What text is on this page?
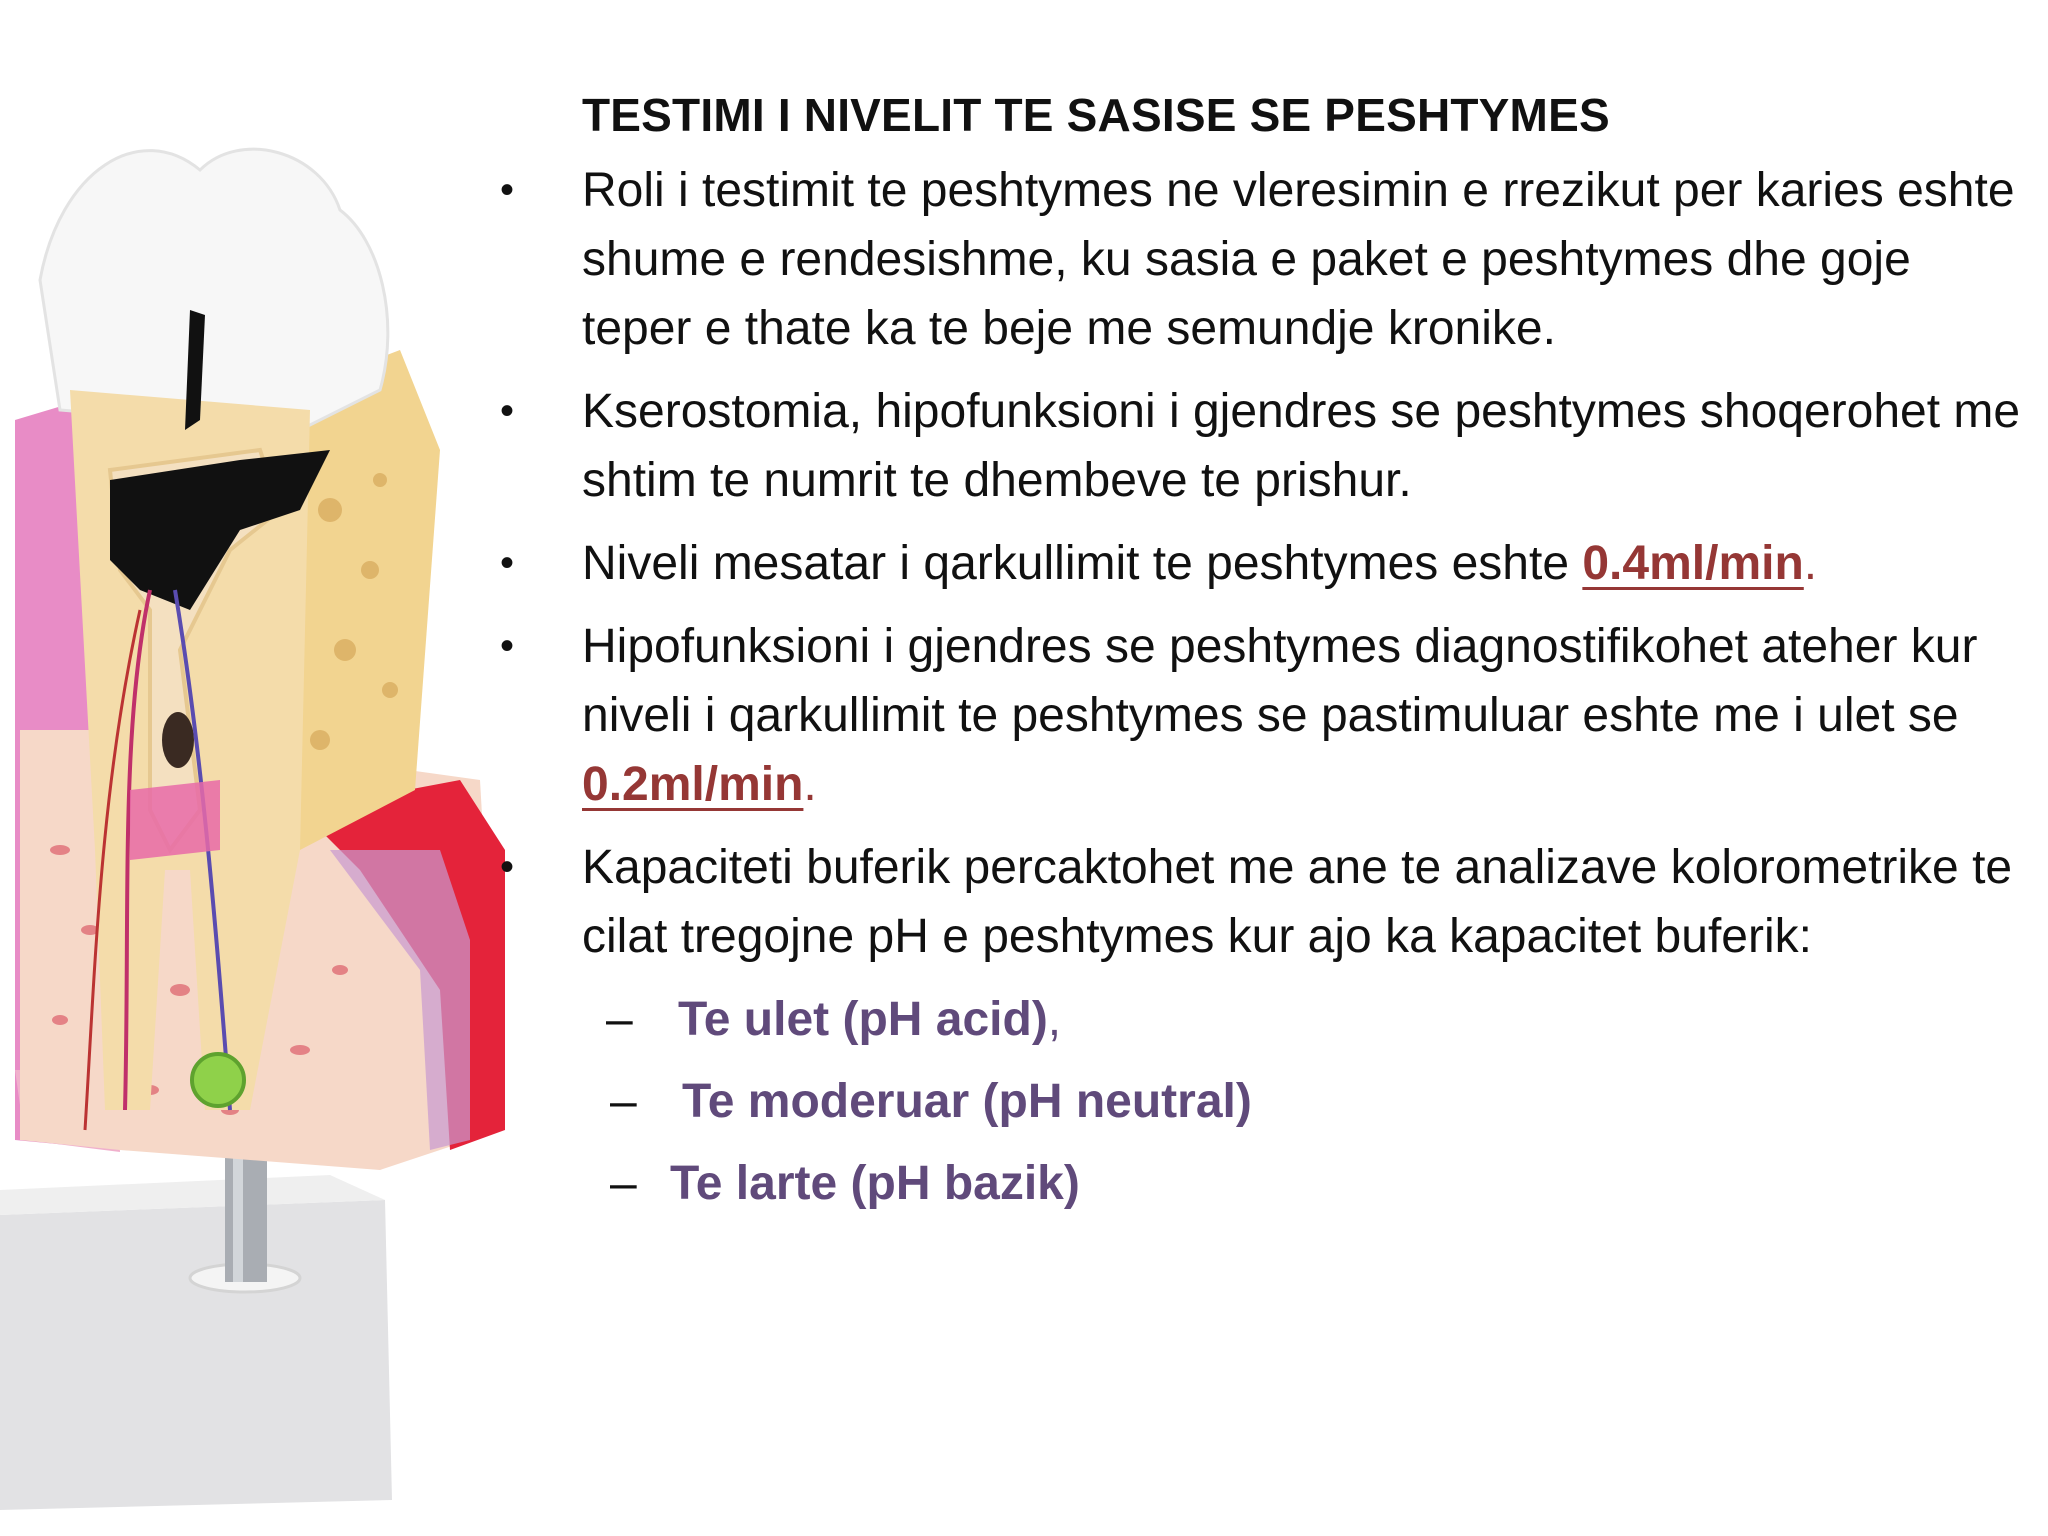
TESTIMI I NIVELIT TE SASISE SE PESHTYMES
• Roli i testimit te peshtymes ne vleresimin e rrezikut per karies eshte shume e rendesishme, ku sasia e paket e peshtymes dhe goje teper e thate ka te beje me semundje kronike.
• Kserostomia, hipofunksioni i gjendres se peshtymes shoqerohet me shtim te numrit te dhembeve te prishur.
• Niveli mesatar i qarkullimit te peshtymes eshte 0.4ml/min.
• Hipofunksioni i gjendres se peshtymes diagnostifikohet ateher kur niveli i qarkullimit te peshtymes se pastimuluar eshte me i ulet se 0.2ml/min.
• Kapaciteti buferik percaktohet me ane te analizave kolorometrike te cilat tregojne pH e peshtymes kur ajo ka kapacitet buferik:
– Te ulet (pH acid),
– Te moderuar (pH neutral)
– Te larte (pH bazik)
